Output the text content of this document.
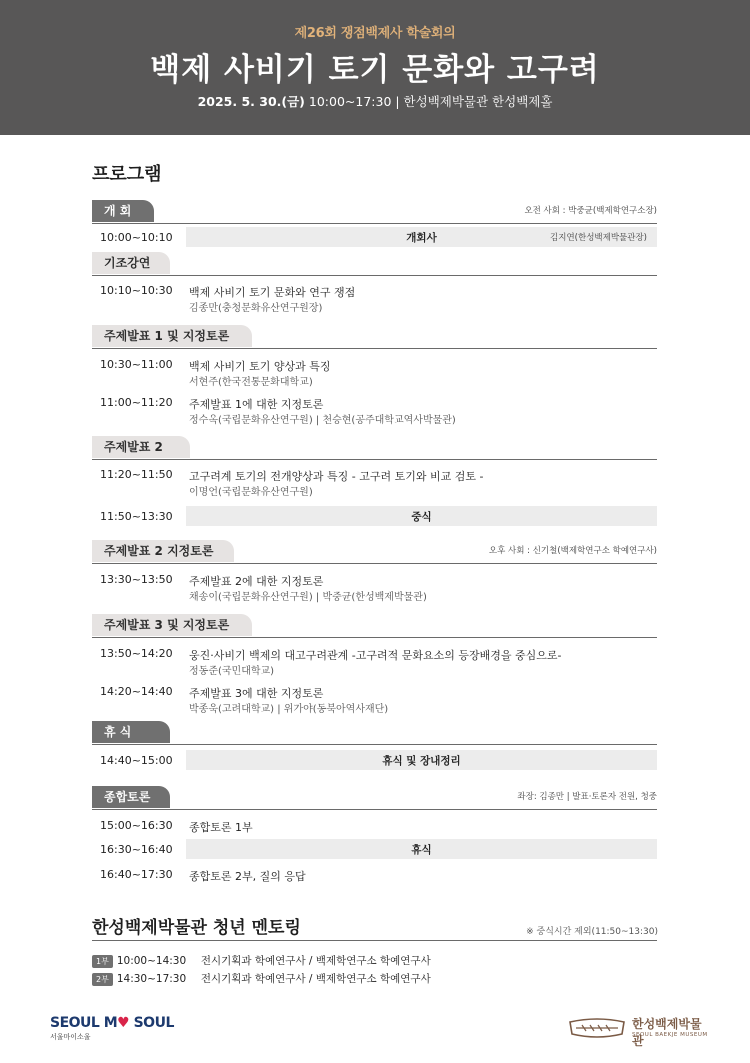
제26회 쟁점백제사 학술회의
백제 사비기 토기 문화와 고구려
2025. 5. 30.(금) 10:00~17:30 | 한성백제박물관 한성백제홀
프로그램
개 회	오전 사회 : 박중균(백제학연구소장)
10:00~10:10	개회사	김지연(한성백제박물관장)
기조강연
10:10~10:30 백제 사비기 토기 문화와 연구 쟁점
김종만(충청문화유산연구원장)
주제발표 1 및 지정토론
10:30~11:00 백제 사비기 토기 양상과 특징
서현주(한국전통문화대학교)
11:00~11:20 주제발표 1에 대한 지정토론
정수옥(국립문화유산연구원) | 천승현(공주대학교역사박물관)
주제발표 2
11:20~11:50 고구려계 토기의 전개양상과 특징 - 고구려 토기와 비교 검토 -
이명언(국립문화유산연구원)
11:50~13:30	중식
주제발표 2 지정토론	오후 사회 : 신기철(백제학연구소 학예연구사)
13:30~13:50 주제발표 2에 대한 지정토론
채송이(국립문화유산연구원) | 박중균(한성백제박물관)
주제발표 3 및 지정토론
13:50~14:20 웅진·사비기 백제의 대고구려관계 -고구려적 문화요소의 등장배경을 중심으로-
정동준(국민대학교)
14:20~14:40 주제발표 3에 대한 지정토론
박종욱(고려대학교) | 위가야(동북아역사재단)
휴 식
14:40~15:00	휴식 및 장내정리
종합토론	좌장: 김종만 | 발표·토론자 전원, 청중
15:00~16:30 종합토론 1부
16:30~16:40	휴식
16:40~17:30 종합토론 2부, 질의 응답
한성백제박물관 청년 멘토링	※ 중식시간 제외(11:50~13:30)
1부 10:00~14:30 전시기획과 학예연구사 / 백제학연구소 학예연구사
2부 14:30~17:30 전시기획과 학예연구사 / 백제학연구소 학예연구사
SEOUL M♥ SOUL
서울마이소울
한성백제박물관
SEOUL BAEKJE MUSEUM
